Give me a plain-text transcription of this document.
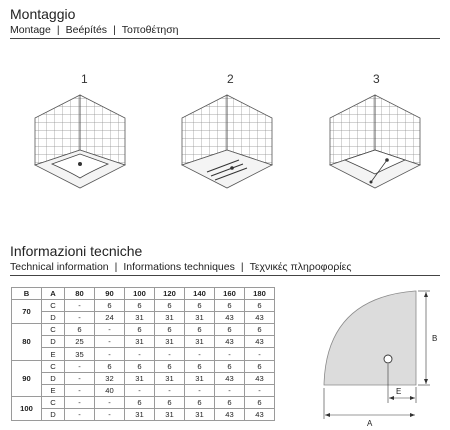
Montaggio
Montage | Beépítés | Τοποθέτηση
1	2	3
Informazioni tecniche
Technical information | Informations techniques | Τεχνικές πληροφορίες
B	A	80	90	100	120	140	160	180
70	C	-	6	6	6	6	6	6
	D	-	24	31	31	31	43	43
80	C	6	-	6	6	6	6	6
	D	25	-	31	31	31	43	43
	E	35	-	-	-	-	-	-
90	C	-	6	6	6	6	6	6
	D	-	32	31	31	31	43	43
	E	-	40	-	-	-	-	-
100	C	-	-	6	6	6	6	6
	D	-	-	31	31	31	43	43
B
E
A
